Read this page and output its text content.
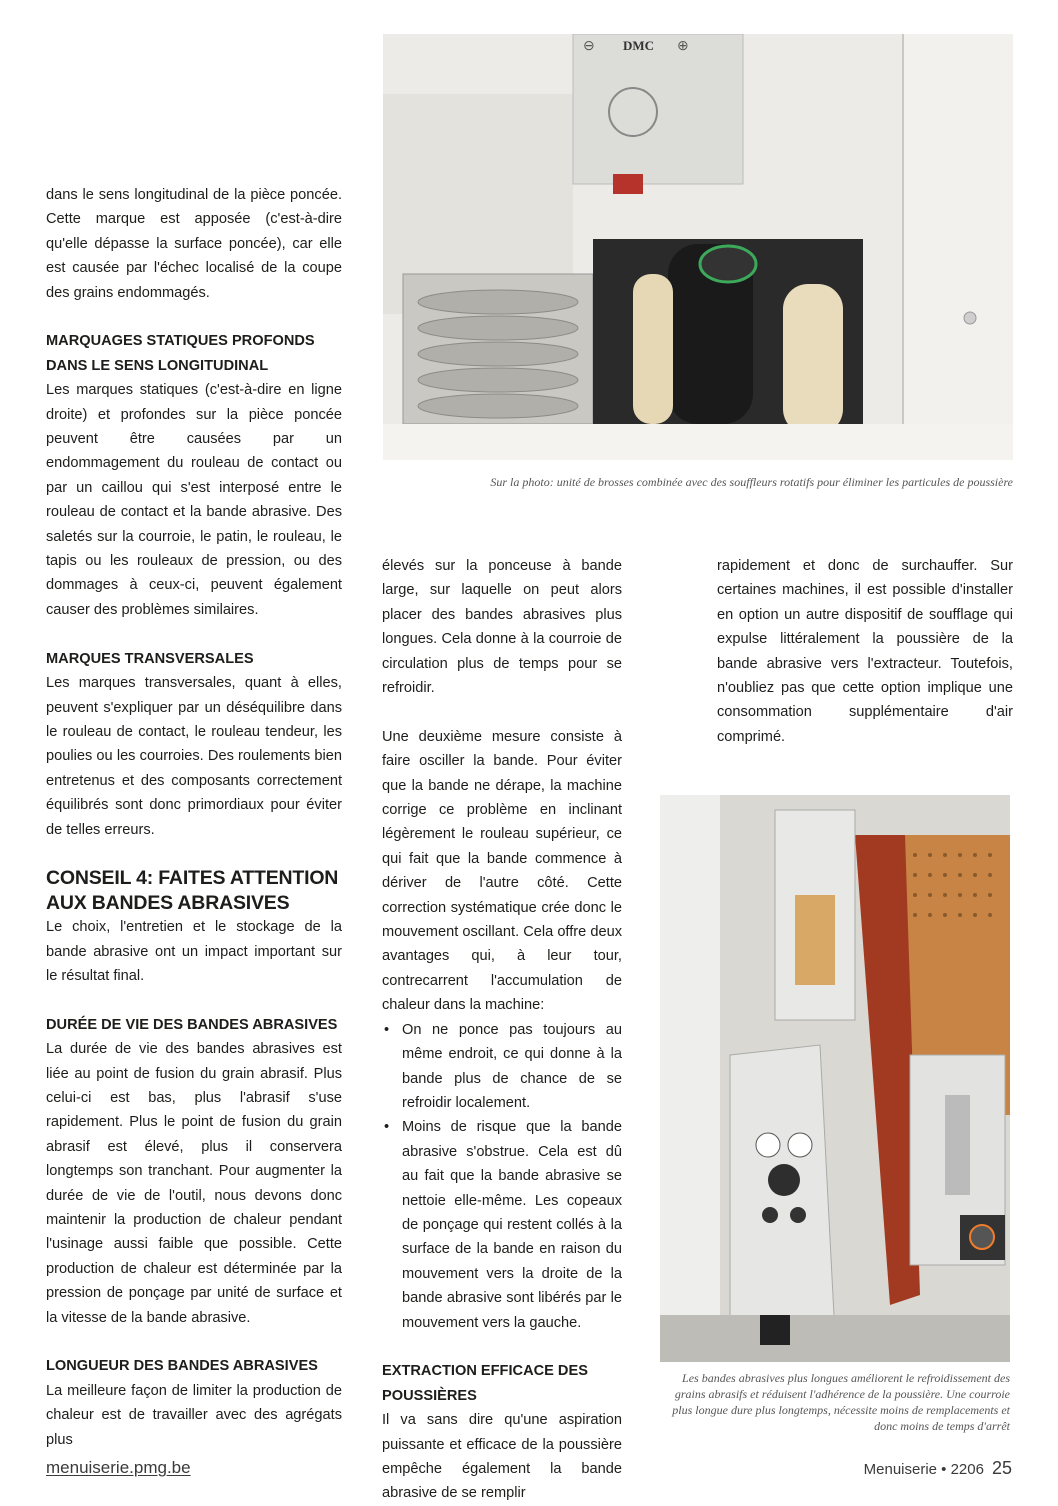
dans le sens longitudinal de la pièce poncée. Cette marque est apposée (c'est-à-dire qu'elle dépasse la surface poncée), car elle est causée par l'échec localisé de la coupe des grains endommagés.

MARQUAGES STATIQUES PROFONDS
DANS LE SENS LONGITUDINAL

Les marques statiques (c'est-à-dire en ligne droite) et profondes sur la pièce poncée peuvent être causées par un endommagement du rouleau de contact ou par un caillou qui s'est interposé entre le rouleau de contact et la bande abrasive. Des saletés sur la courroie, le patin, le rouleau, le tapis ou les rouleaux de pression, ou des dommages à ceux-ci, peuvent également causer des problèmes similaires.

MARQUES TRANSVERSALES

Les marques transversales, quant à elles, peuvent s'expliquer par un déséquilibre dans le rouleau de contact, le rouleau tendeur, les poulies ou les courroies. Des roulements bien entretenus et des composants correctement équilibrés sont donc primordiaux pour éviter de telles erreurs.

CONSEIL 4: FAITES ATTENTION
AUX BANDES ABRASIVES

Le choix, l'entretien et le stockage de la bande abrasive ont un impact important sur le résultat final.

DURÉE DE VIE DES BANDES ABRASIVES

La durée de vie des bandes abrasives est liée au point de fusion du grain abrasif. Plus celui-ci est bas, plus l'abrasif s'use rapidement. Plus le point de fusion du grain abrasif est élevé, plus il conservera longtemps son tranchant. Pour augmenter la durée de vie de l'outil, nous devons donc maintenir la production de chaleur pendant l'usinage aussi faible que possible. Cette production de chaleur est déterminée par la pression de ponçage par unité de surface et la vitesse de la bande abrasive.

LONGUEUR DES BANDES ABRASIVES

La meilleure façon de limiter la production de chaleur est de travailler avec des agrégats plus

élevés sur la ponceuse à bande large, sur laquelle on peut alors placer des bandes abrasives plus longues. Cela donne à la courroie de circulation plus de temps pour se refroidir.

Une deuxième mesure consiste à faire osciller la bande. Pour éviter que la bande ne dérape, la machine corrige ce problème en inclinant légèrement le rouleau supérieur, ce qui fait que la bande commence à dériver de l'autre côté. Cette correction systématique crée donc le mouvement oscillant. Cela offre deux avantages qui, à leur tour, contrecarrent l'accumulation de chaleur dans la machine:

• On ne ponce pas toujours au même endroit, ce qui donne à la bande plus de chance de se refroidir localement.
• Moins de risque que la bande abrasive s'obstrue. Cela est dû au fait que la bande abrasive se nettoie elle-même. Les copeaux de ponçage qui restent collés à la surface de la bande en raison du mouvement vers la droite de la bande abrasive sont libérés par le mouvement vers la gauche.
EXTRACTION EFFICACE DES
POUSSIÈRES

Il va sans dire qu'une aspiration puissante et efficace de la poussière empêche également la bande abrasive de se remplir

rapidement et donc de surchauffer. Sur certaines machines, il est possible d'installer en option un autre dispositif de soufflage qui expulse littéralement la poussière de la bande abrasive vers l'extracteur. Toutefois, n'oubliez pas que cette option implique une consommation supplémentaire d'air comprimé.

DMC
⊖	⊕
Sur la photo: unité de brosses combinée avec des souffleurs rotatifs pour éliminer les particules de poussière
Les bandes abrasives plus longues améliorent le refroidissement des grains abrasifs et réduisent l'adhérence de la poussière. Une courroie plus longue dure plus longtemps, nécessite moins de remplacements et donc moins de temps d'arrêt
menuiserie.pmg.be	Menuiserie • 2206 25
